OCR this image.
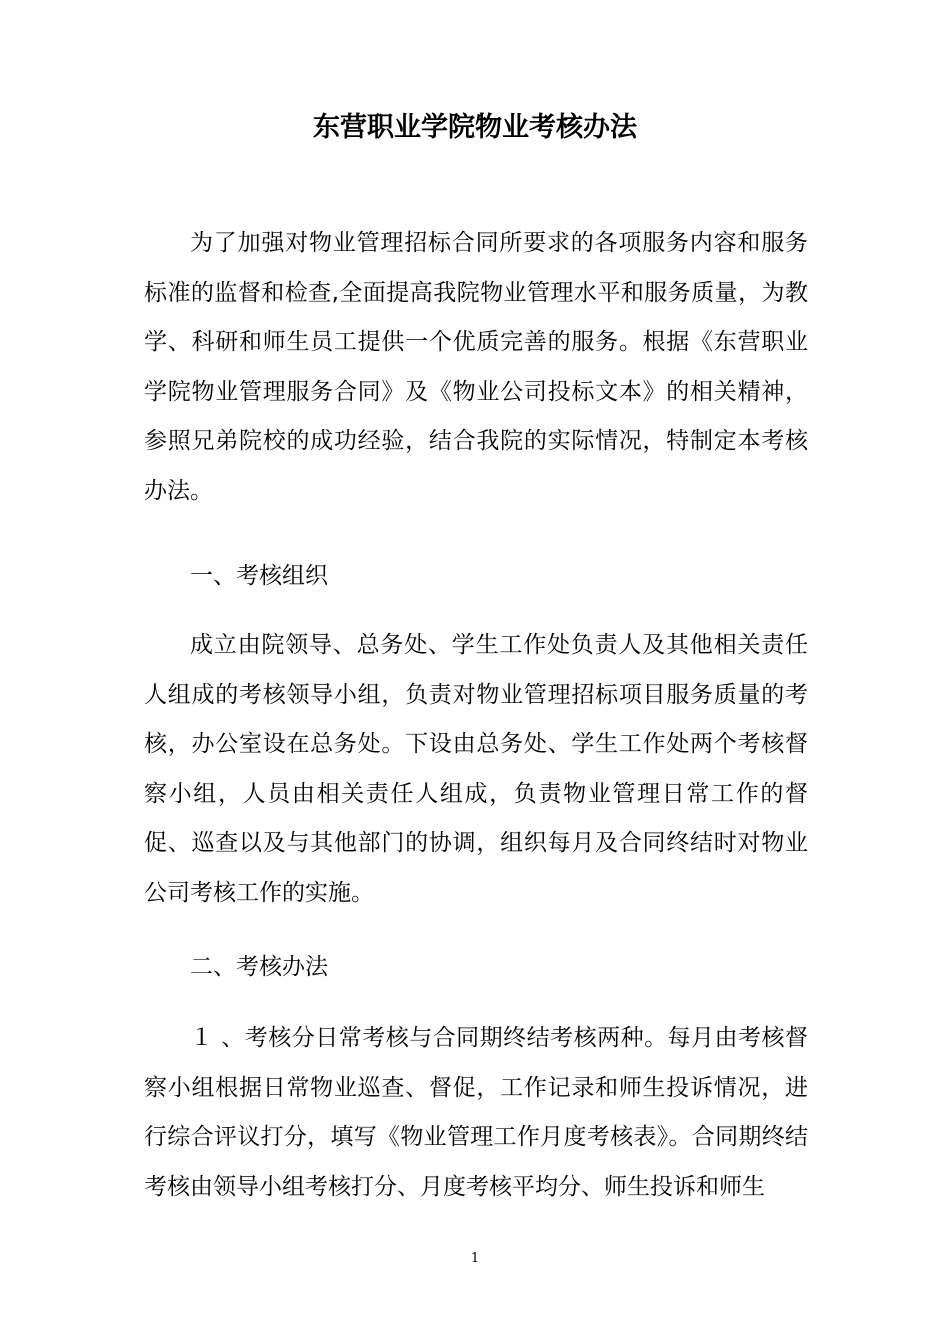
东营职业学院物业考核办法

为了加强对物业管理招标合同所要求的各项服务内容和服务标准的监督和检查,全面提高我院物业管理水平和服务质量，为教学、科研和师生员工提供一个优质完善的服务。根据《东营职业学院物业管理服务合同》及《物业公司投标文本》的相关精神，参照兄弟院校的成功经验，结合我院的实际情况，特制定本考核办法。

一、考核组织

成立由院领导、总务处、学生工作处负责人及其他相关责任人组成的考核领导小组，负责对物业管理招标项目服务质量的考核，办公室设在总务处。下设由总务处、学生工作处两个考核督察小组，人员由相关责任人组成，负责物业管理日常工作的督促、巡查以及与其他部门的协调，组织每月及合同终结时对物业公司考核工作的实施。

二、考核办法

１ 、考核分日常考核与合同期终结考核两种。每月由考核督察小组根据日常物业巡查、督促，工作记录和师生投诉情况，进行综合评议打分，填写《物业管理工作月度考核表》。合同期终结考核由领导小组考核打分、月度考核平均分、师生投诉和师生

1
